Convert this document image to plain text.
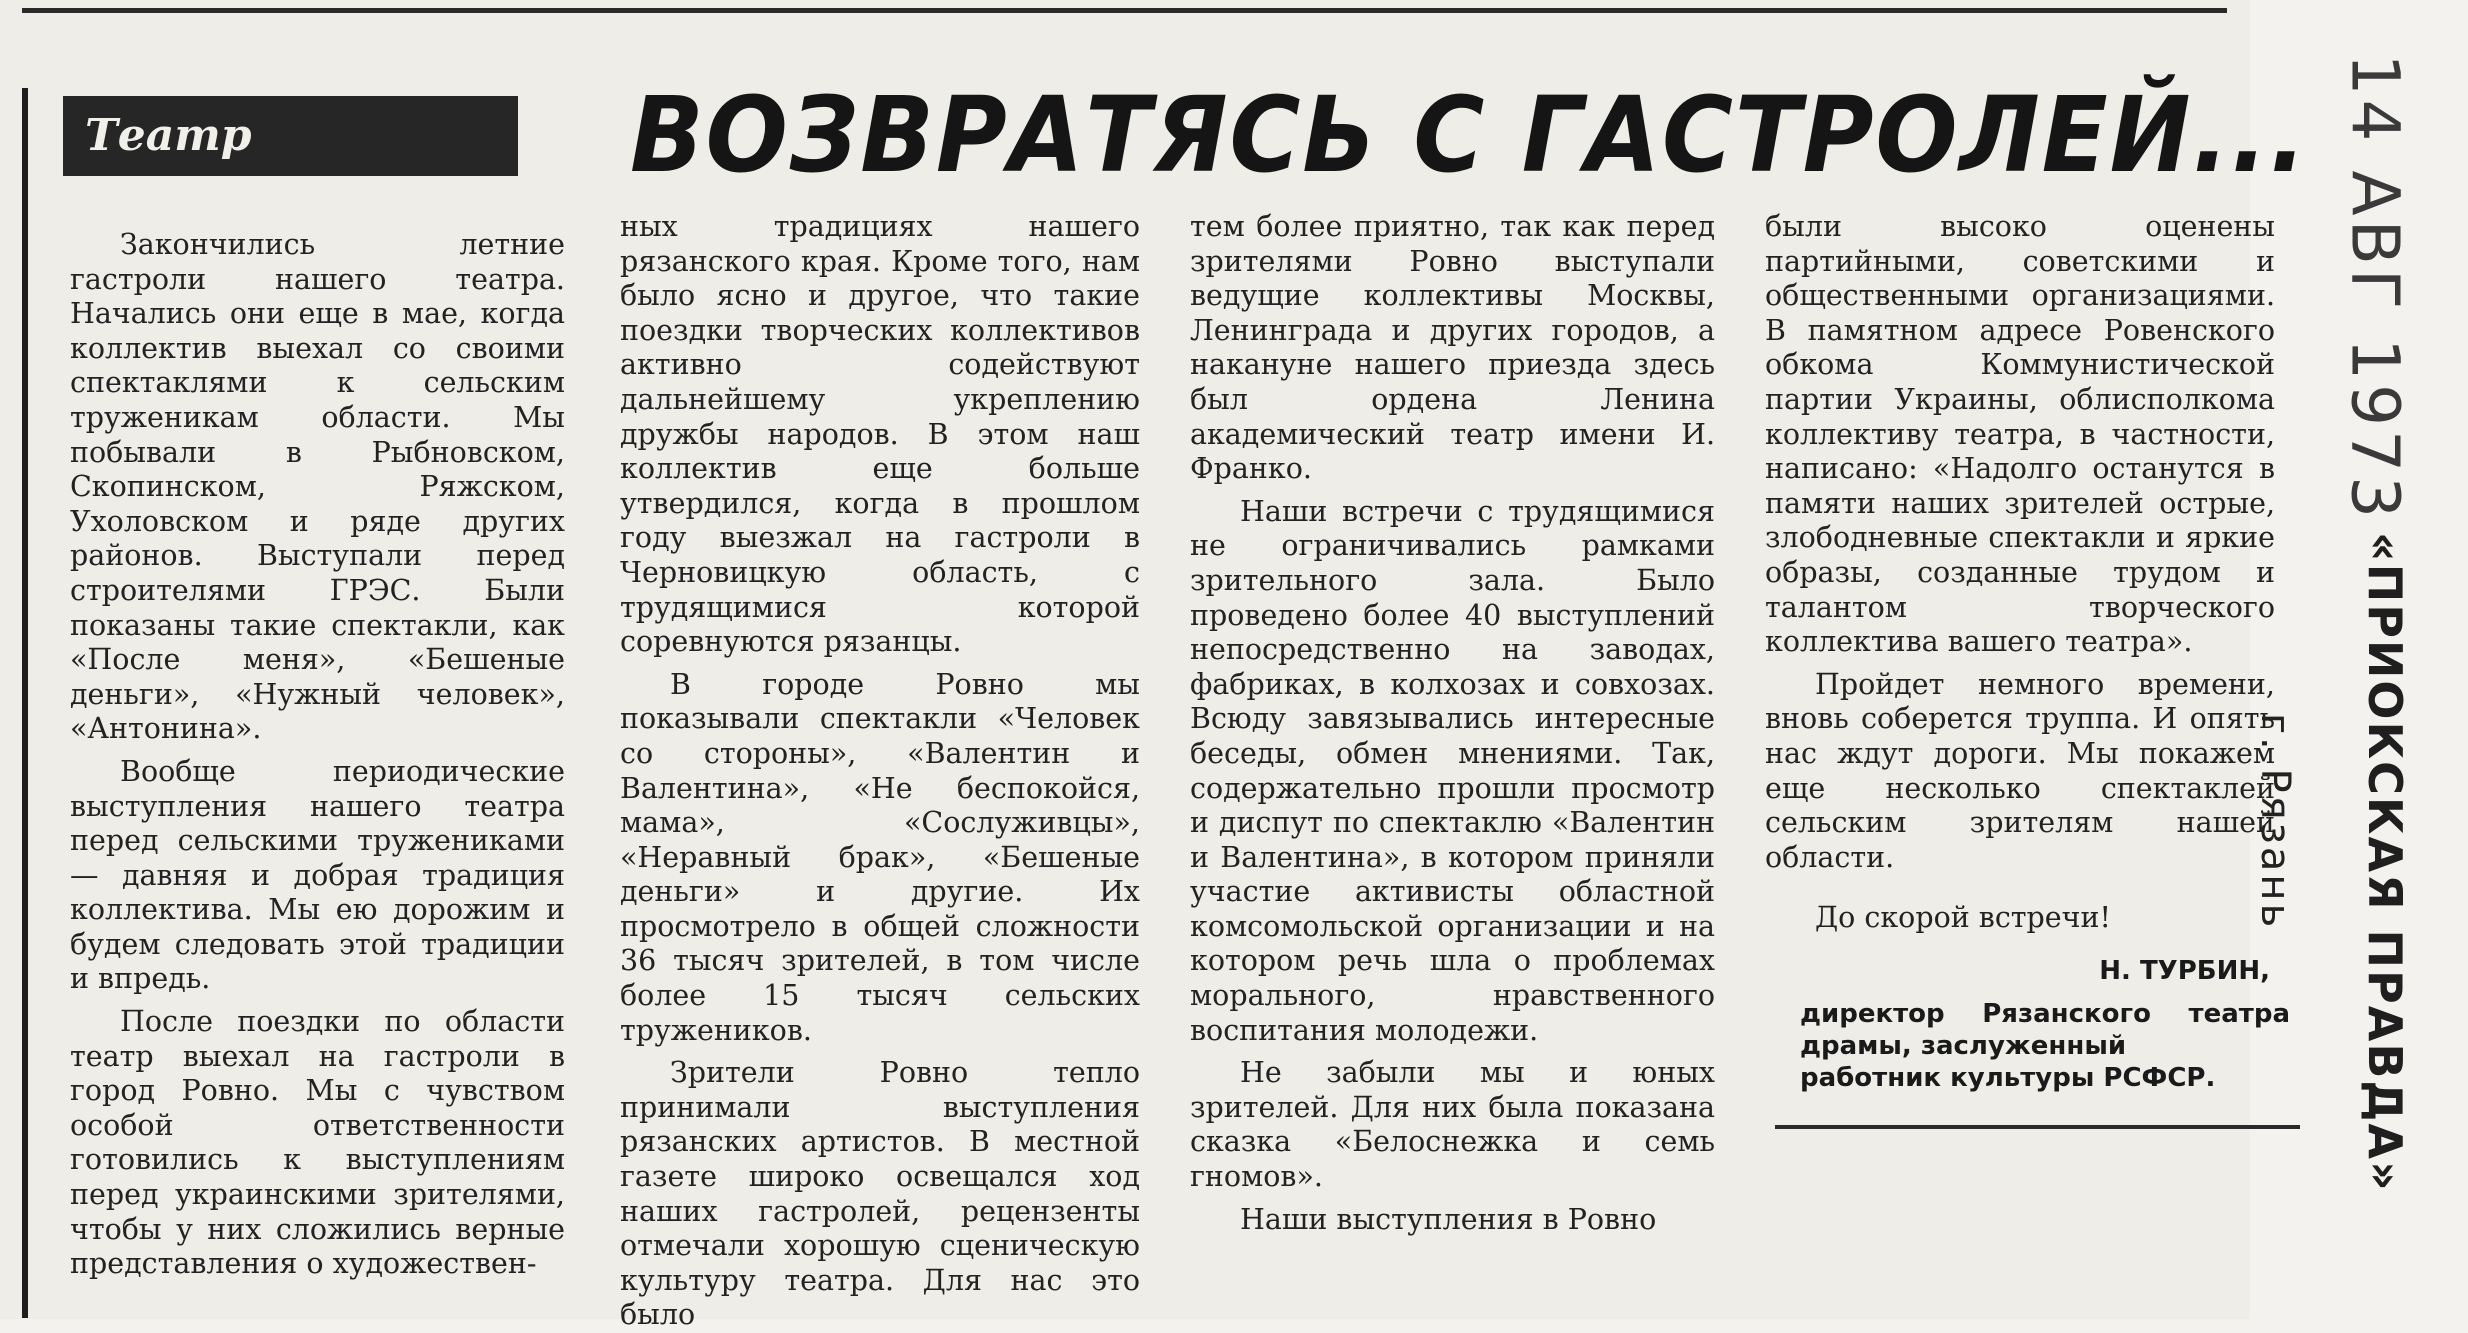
Театр	ВОЗВРАТЯСЬ С ГАСТРОЛЕЙ...

Закончились летние гастроли нашего театра. Начались они еще в мае, когда коллектив выехал со своими спектаклями к сельским труженикам области. Мы побывали в Рыбновском, Скопинском, Ряжском, Ухоловском и ряде других районов. Выступали перед строителями ГРЭС. Были показаны такие спектакли, как «После меня», «Бешеные деньги», «Нужный человек», «Антонина».

Вообще периодические выступления нашего театра перед сельскими тружениками— давняя и добрая традиция коллектива. Мы ею дорожим и будем следовать этой традиции и впредь.

После поездки по области театр выехал на гастроли в город Ровно. Мы с чувством особой ответственности готовились к выступлениям перед украинскими зрителями, чтобы у них сложились верные представления о художествен-

ных традициях нашего рязанского края. Кроме того, нам было ясно и другое, что такие поездки творческих коллективов активно содействуют дальнейшему укреплению дружбы народов. В этом наш коллектив еще больше утвердился, когда в прошлом году выезжал на гастроли в Черновицкую область, с трудящимися которой соревнуются рязанцы.

В городе Ровно мы показывали спектакли «Человек со стороны», «Валентин и Валентина», «Не беспокойся, мама», «Сослуживцы», «Неравный брак», «Бешеные деньги» и другие. Их просмотрело в общей сложности 36 тысяч зрителей, в том числе более 15 тысяч сельских тружеников.

Зрители Ровно тепло принимали выступления рязанских артистов. В местной газете широко освещался ход наших гастролей, рецензенты отмечали хорошую сценическую культуру театра. Для нас это было

тем более приятно, так как перед зрителями Ровно выступали ведущие коллективы Москвы, Ленинграда и других городов, а накануне нашего приезда здесь был ордена Ленина академический театр имени И. Франко.

Наши встречи с трудящимися не ограничивались рамками зрительного зала. Было проведено более 40 выступлений непосредственно на заводах, фабриках, в колхозах и совхозах. Всюду завязывались интересные беседы, обмен мнениями. Так, содержательно прошли просмотр и диспут по спектаклю «Валентин и Валентина», в котором приняли участие активисты областной комсомольской организации и на котором речь шла о проблемах морального, нравственного воспитания молодежи.

Не забыли мы и юных зрителей. Для них была показана сказка «Белоснежка и семь гномов».

Наши выступления в Ровно

были высоко оценены партийными, советскими и общественными организациями. В памятном адресе Ровенского обкома Коммунистической партии Украины, облисполкома коллективу театра, в частности, написано: «Надолго останутся в памяти наших зрителей острые, злободневные спектакли и яркие образы, созданные трудом и талантом творческого коллектива вашего театра».

Пройдет немного времени, вновь соберется труппа. И опять нас ждут дороги. Мы покажем еще несколько спектаклей сельским зрителям нашей области.

До скорой встречи!

Н. ТУРБИН,
директор Рязанского театра драмы, заслуженный
работник культуры РСФСР.
14 АВГ 1973
г. Рязань «ПРИОКСКАЯ ПРАВДА»
